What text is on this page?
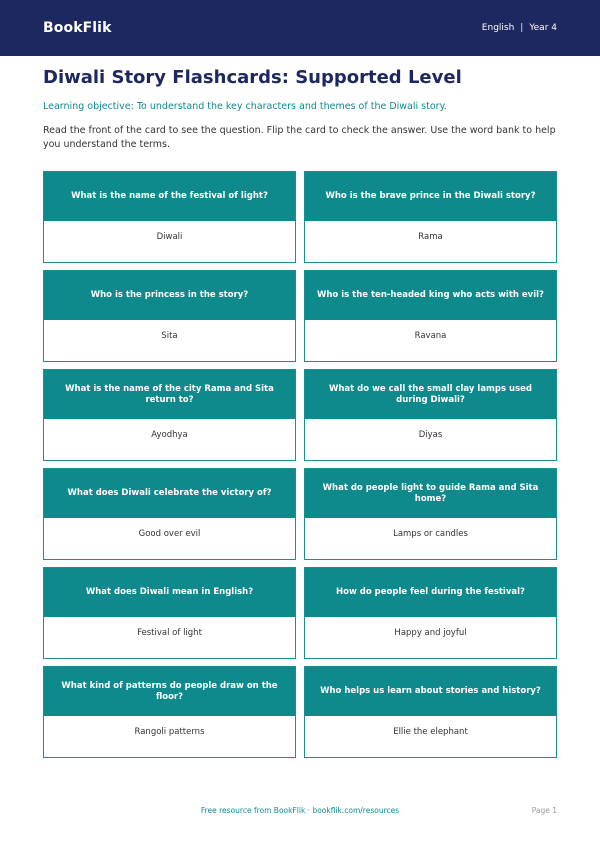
BookFlik	English | Year 4
Diwali Story Flashcards: Supported Level

Learning objective: To understand the key characters and themes of the Diwali story.

Read the front of the card to see the question. Flip the card to check the answer. Use the word bank to help you understand the terms.

What is the name of the festival of light?
Diwali
Who is the brave prince in the Diwali story?
Rama
Who is the princess in the story?
Sita
Who is the ten-headed king who acts with evil?
Ravana
What is the name of the city Rama and Sita return to?
Ayodhya
What do we call the small clay lamps used during Diwali?
Diyas
What does Diwali celebrate the victory of?
Good over evil
What do people light to guide Rama and Sita home?
Lamps or candles
What does Diwali mean in English?
Festival of light
How do people feel during the festival?
Happy and joyful
What kind of patterns do people draw on the floor?
Rangoli patterns
Who helps us learn about stories and history?
Ellie the elephant
Free resource from BookFlik · bookflik.com/resources	Page 1
